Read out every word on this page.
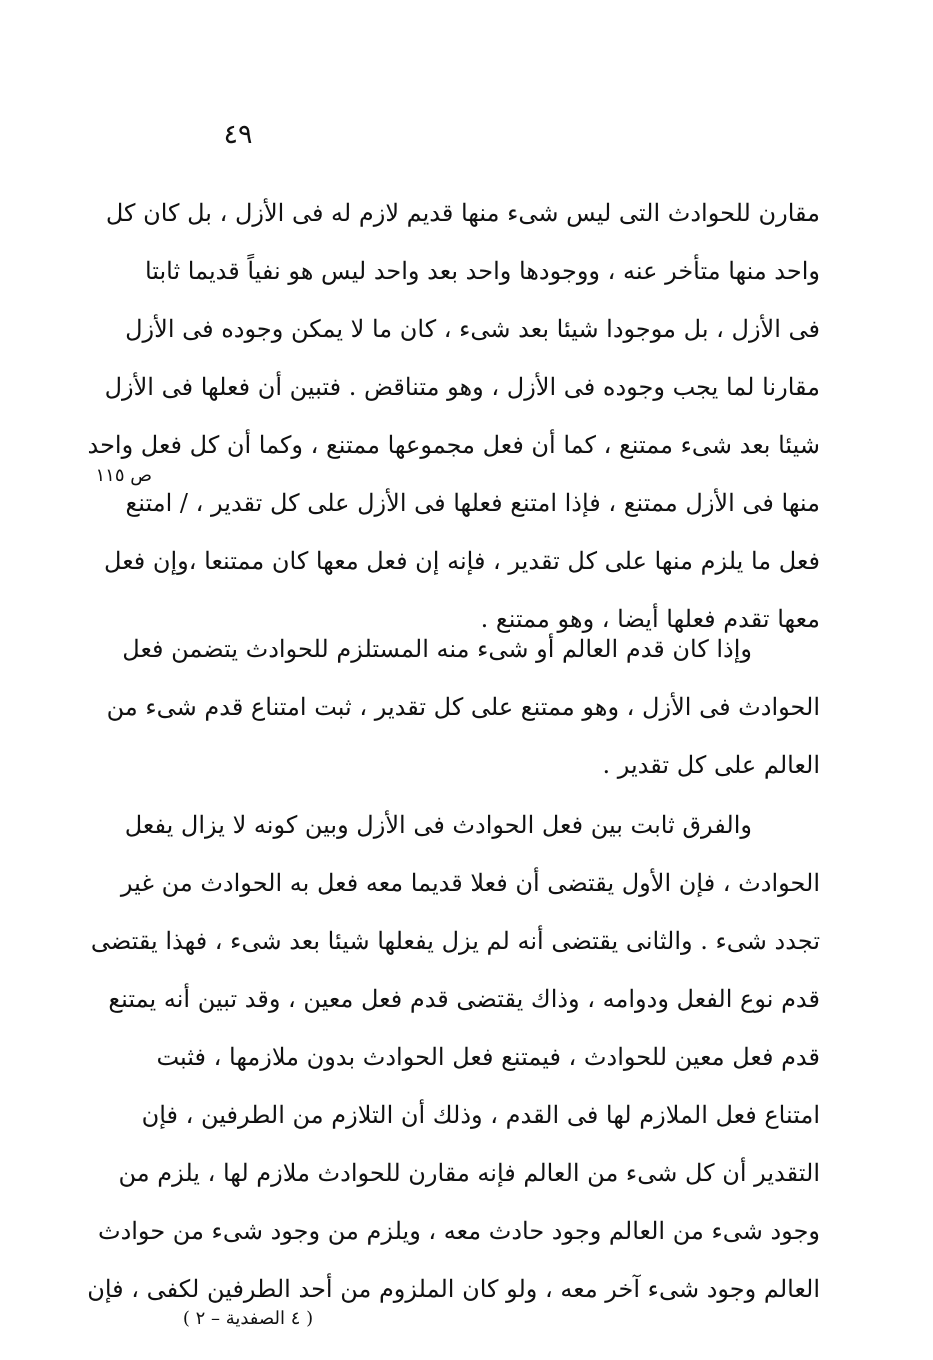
٤٩
ص ١١٥
مقارن للحوادث التى ليس شىء منها قديم لازم له فى الأزل ، بل كان كل
واحد منها متأخر عنه ، ووجودها واحد بعد واحد ليس هو نفياً قديما ثابتا
فى الأزل ، بل موجودا شيئا بعد شىء ، كان ما لا يمكن وجوده فى الأزل
مقارنا لما يجب وجوده فى الأزل ، وهو متناقض . فتبين أن فعلها فى الأزل
شيئا بعد شىء ممتنع ، كما أن فعل مجموعها ممتنع ، وكما أن كل فعل واحد
منها فى الأزل ممتنع ، فإذا امتنع فعلها فى الأزل على كل تقدير ، / امتنع
فعل ما يلزم منها على كل تقدير ، فإنه إن فعل معها كان ممتنعا ،وإن فعل
معها تقدم فعلها أيضا ، وهو ممتنع .
وإذا كان قدم العالم أو شىء منه المستلزم للحوادث يتضمن فعل
الحوادث فى الأزل ، وهو ممتنع على كل تقدير ، ثبت امتناع قدم شىء من
العالم على كل تقدير .
والفرق ثابت بين فعل الحوادث فى الأزل وبين كونه لا يزال يفعل
الحوادث ، فإن الأول يقتضى أن فعلا قديما معه فعل به الحوادث من غير
تجدد شىء . والثانى يقتضى أنه لم يزل يفعلها شيئا بعد شىء ، فهذا يقتضى
قدم نوع الفعل ودوامه ، وذاك يقتضى قدم فعل معين ، وقد تبين أنه يمتنع
قدم فعل معين للحوادث ، فيمتنع فعل الحوادث بدون ملازمها ، فثبت
امتناع فعل الملازم لها فى القدم ، وذلك أن التلازم من الطرفين ، فإن
التقدير أن كل شىء من العالم فإنه مقارن للحوادث ملازم لها ، يلزم من
وجود شىء من العالم وجود حادث معه ، ويلزم من وجود شىء من حوادث
العالم وجود شىء آخر معه ، ولو كان الملزوم من أحد الطرفين لكفى ، فإن
( ٤ الصفدية – ٢ )
